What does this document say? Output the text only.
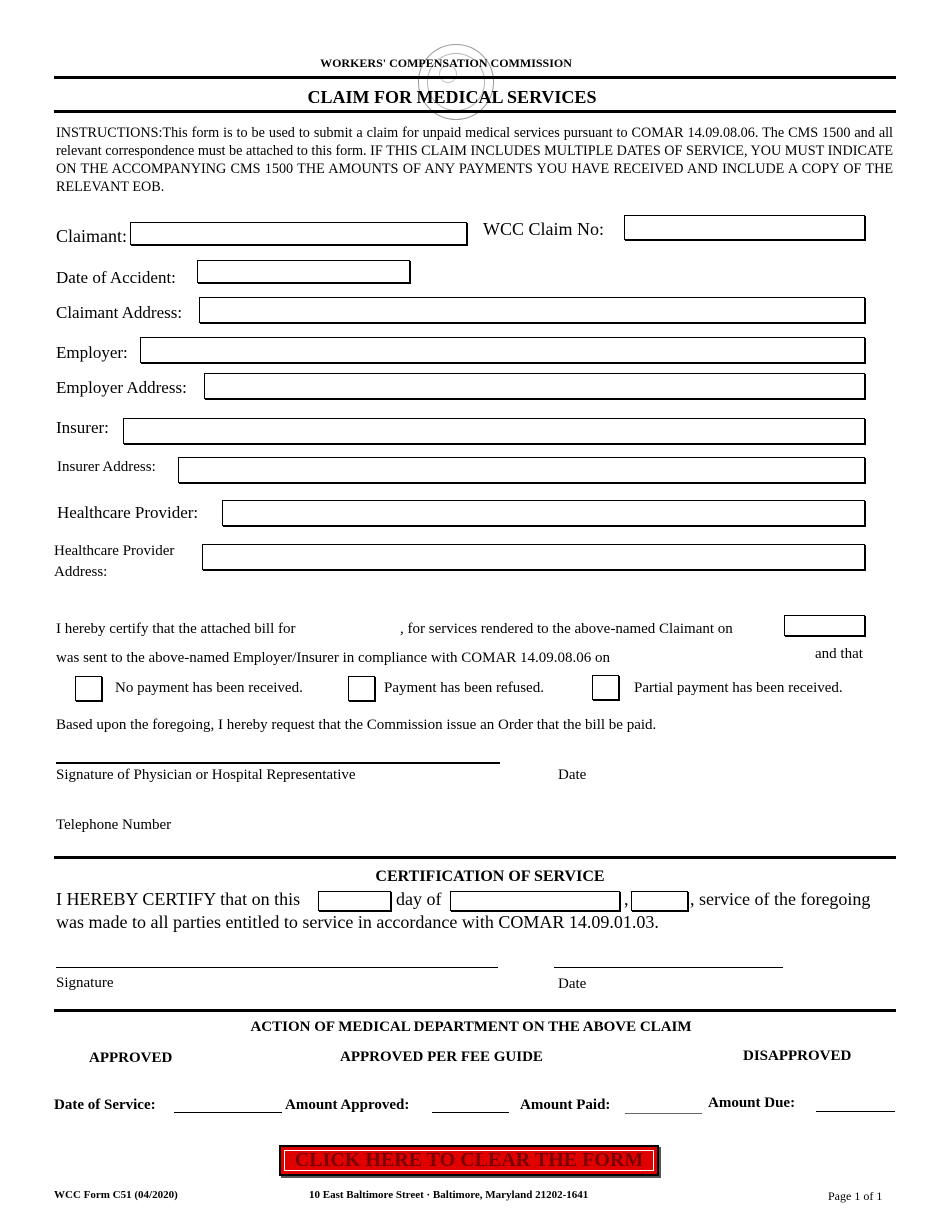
WORKERS' COMPENSATION COMMISSION
CLAIM FOR MEDICAL SERVICES
INSTRUCTIONS:This form is to be used to submit a claim for unpaid medical services pursuant to COMAR 14.09.08.06. The CMS 1500 and all relevant correspondence must be attached to this form. IF THIS CLAIM INCLUDES MULTIPLE DATES OF SERVICE, YOU MUST INDICATE ON THE ACCOMPANYING CMS 1500 THE AMOUNTS OF ANY PAYMENTS YOU HAVE RECEIVED AND INCLUDE A COPY OF THE RELEVANT EOB.
Claimant:	WCC Claim No:
Date of Accident:
Claimant Address:
Employer:
Employer Address:
Insurer:
Insurer Address:
Healthcare Provider:
Healthcare Provider
Address:
I hereby certify that the attached bill for	, for services rendered to the above-named Claimant on
was sent to the above-named Employer/Insurer in compliance with COMAR 14.09.08.06 on	and that
No payment has been received.	Payment has been refused.	Partial payment has been received.
Based upon the foregoing, I hereby request that the Commission issue an Order that the bill be paid.
Signature of Physician or Hospital Representative	Date
Telephone Number
CERTIFICATION OF SERVICE
I HEREBY CERTIFY that on this	day of	,	, service of the foregoing
was made to all parties entitled to service in accordance with COMAR 14.09.01.03.
Signature	Date
ACTION OF MEDICAL DEPARTMENT ON THE ABOVE CLAIM
APPROVED	APPROVED PER FEE GUIDE	DISAPPROVED
Date of Service:	Amount Approved:	Amount Paid:	Amount Due:
CLICK HERE TO CLEAR THE FORM
WCC Form C51 (04/2020)	10 East Baltimore Street · Baltimore, Maryland 21202-1641	Page 1 of 1
